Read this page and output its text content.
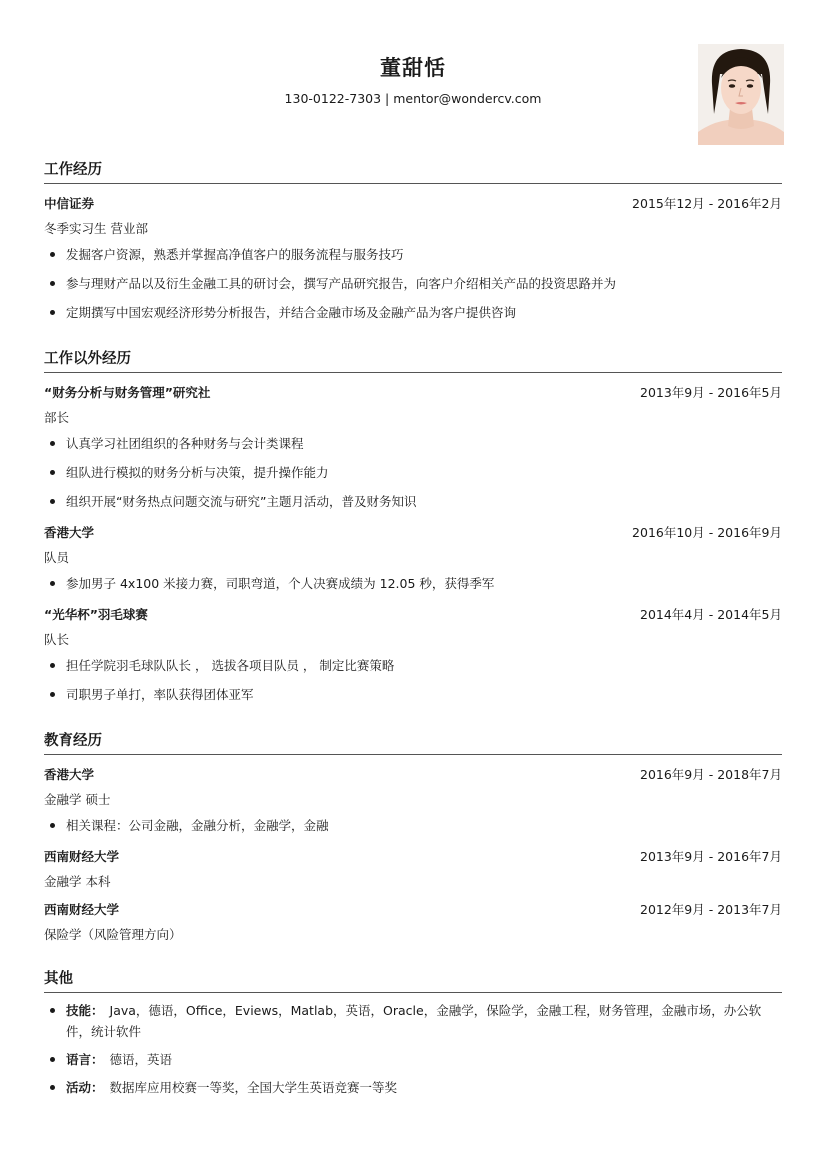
董甜恬
130-0122-7303 | mentor@wondercv.com
工作经历
中信证券	2015年12月 - 2016年2月
冬季实习生 营业部
发掘客户资源，熟悉并掌握高净值客户的服务流程与服务技巧
参与理财产品以及衍生金融工具的研讨会，撰写产品研究报告，向客户介绍相关产品的投资思路并为
定期撰写中国宏观经济形势分析报告，并结合金融市场及金融产品为客户提供咨询
工作以外经历
“财务分析与财务管理”研究社	2013年9月 - 2016年5月
部长
认真学习社团组织的各种财务与会计类课程
组队进行模拟的财务分析与决策，提升操作能力
组织开展“财务热点问题交流与研究”主题月活动，普及财务知识
香港大学	2016年10月 - 2016年9月
队员
参加男子 4x100 米接力赛，司职弯道，个人决赛成绩为 12.05 秒，获得季军
“光华杯”羽毛球赛	2014年4月 - 2014年5月
队长
担任学院羽毛球队队长 ， 选拔各项目队员 ， 制定比赛策略
司职男子单打，率队获得团体亚军
教育经历
香港大学	2016年9月 - 2018年7月
金融学 硕士
相关课程：公司金融，金融分析，金融学，金融
西南财经大学	2013年9月 - 2016年7月
金融学 本科
西南财经大学	2012年9月 - 2013年7月
保险学（风险管理方向）
其他
技能： Java，德语，Office，Eviews，Matlab，英语，Oracle，金融学，保险学，金融工程，财务管理，金融市场，办公软件，统计软件
语言： 德语，英语
活动： 数据库应用校赛一等奖，全国大学生英语竞赛一等奖
